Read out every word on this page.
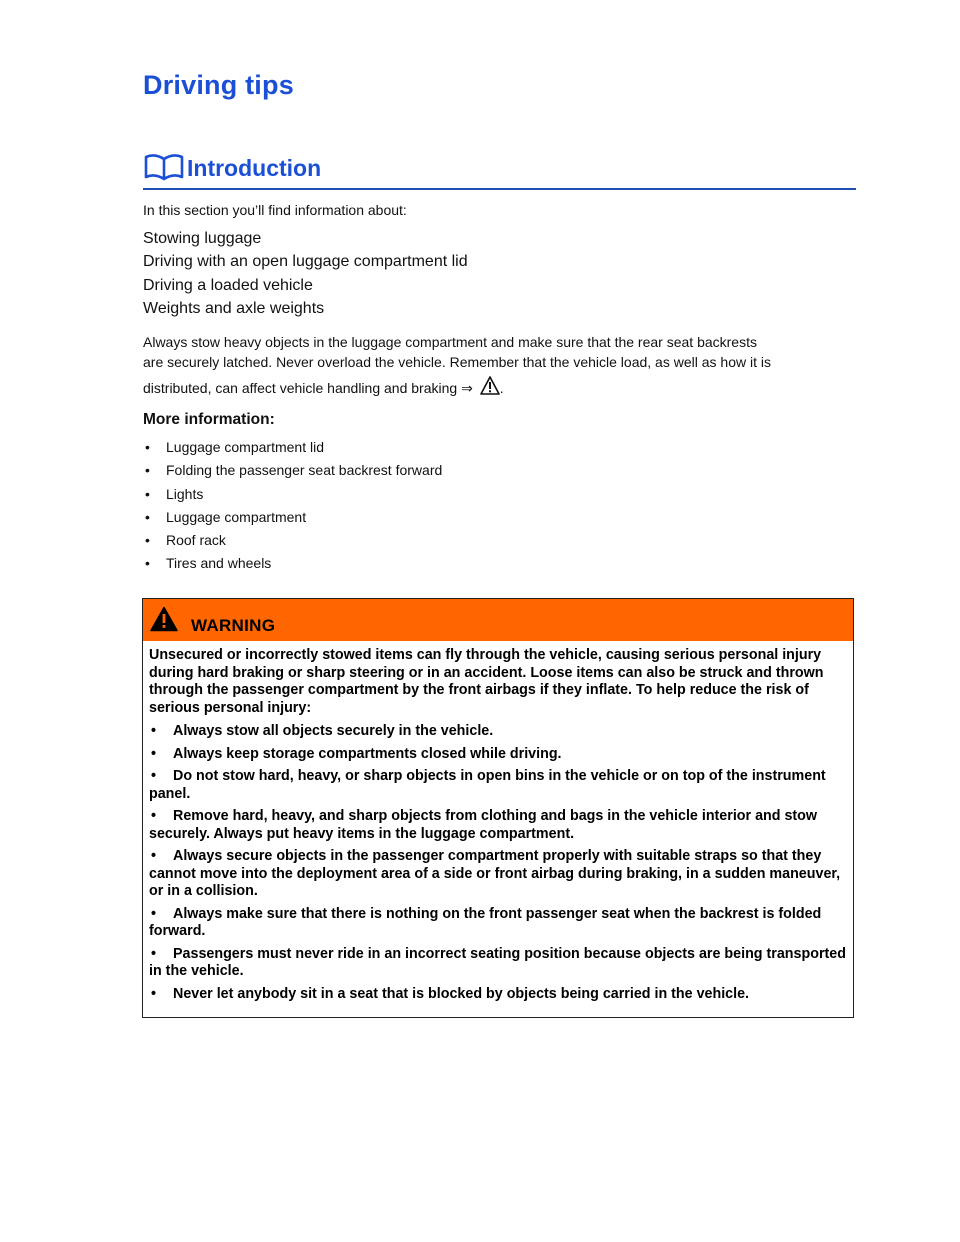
Driving tips
Introduction
In this section you’ll find information about:
Stowing luggage
Driving with an open luggage compartment lid
Driving a loaded vehicle
Weights and axle weights
Always stow heavy objects in the luggage compartment and make sure that the rear seat backrests
are securely latched. Never overload the vehicle. Remember that the vehicle load, as well as how it is
distributed, can affect vehicle handling and braking ⇒ .
More information:
• Luggage compartment lid
• Folding the passenger seat backrest forward
• Lights
• Luggage compartment
• Roof rack
• Tires and wheels
WARNING

Unsecured or incorrectly stowed items can fly through the vehicle, causing serious personal injury during hard braking or sharp steering or in an accident. Loose items can also be struck and thrown through the passenger compartment by the front airbags if they inflate. To help reduce the risk of serious personal injury:

• Always stow all objects securely in the vehicle.
• Always keep storage compartments closed while driving.
• Do not stow hard, heavy, or sharp objects in open bins in the vehicle or on top of the instrument panel.
• Remove hard, heavy, and sharp objects from clothing and bags in the vehicle interior and stow securely. Always put heavy items in the luggage compartment.
• Always secure objects in the passenger compartment properly with suitable straps so that they cannot move into the deployment area of a side or front airbag during braking, in a sudden maneuver, or in a collision.
• Always make sure that there is nothing on the front passenger seat when the backrest is folded forward.
• Passengers must never ride in an incorrect seating position because objects are being transported in the vehicle.
• Never let anybody sit in a seat that is blocked by objects being carried in the vehicle.
